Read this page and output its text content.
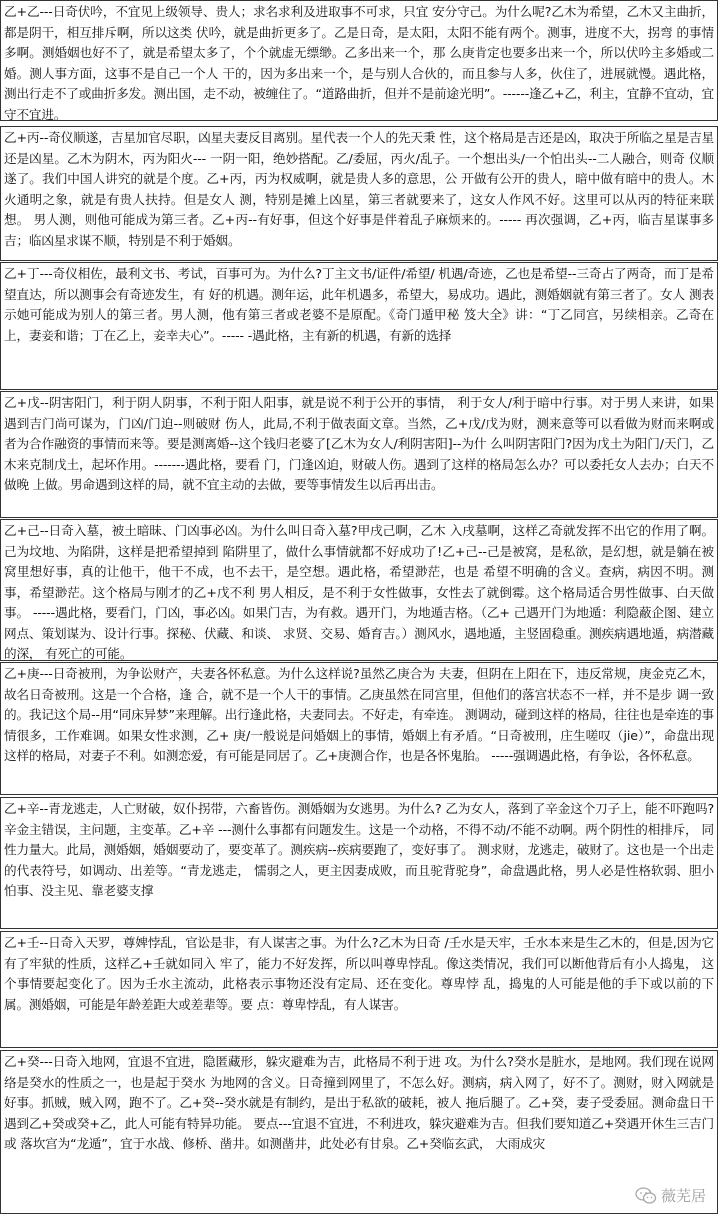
乙+乙---日奇伏吟，不宜见上级领导、贵人；求名求利及进取事不可求，只宜 安分守己。为什么呢?乙木为希望，乙木又主曲折，都是阴干，相互排斥啊，所以这类 伏吟，就是曲折更多了。乙是日奇，是太阳，太阳不能有两个。测事，进度不大，拐弯 的事情多啊。测婚姻也好不了，就是希望太多了，个个就虚无缥缈。乙多出来一个，那 么庚肯定也要多出来一个，所以伏吟主多婚或二婚。测人事方面，这事不是自己一个人 干的，因为多出来一个，是与别人合伙的，而且参与人多，伙住了，进展就慢。遇此格， 测出行走不了或曲折多发。测出国，走不动，被缠住了。“道路曲折，但并不是前途光明”。------逢乙+乙，利主，宜静不宜动，宜守不宜进。

乙+丙--奇仪顺遂，吉星加官尽职，凶星夫妻反目离别。星代表一个人的先天秉 性，这个格局是吉还是凶，取决于所临之星是吉星还是凶星。乙木为阴木，丙为阳火--- 一阴一阳，绝妙搭配。乙/委屈，丙火/乱子。一个想出头/一个怕出头--二人融合，则奇 仪顺遂了。我们中国人讲究的就是个度。乙+丙，丙为权威啊，就是贵人多的意思，公 开做有公开的贵人，暗中做有暗中的贵人。木火通明之象，就是有贵人扶持。但是女人 测，特别是摊上凶星，第三者就要来了，这女人作风不好。这里可以从丙的特征来联想。 男人测，则他可能成为第三者。乙+丙--有好事，但这个好事是伴着乱子麻烦来的。----- 再次强调，乙+丙，临吉星谋事多吉；临凶星求谋不顺，特别是不利于婚姻。

乙+丁---奇仪相佐，最利文书、考试，百事可为。为什么?丁主文书/证件/希望/ 机遇/奇迹，乙也是希望--三奇占了两奇，而丁是希望直达，所以测事会有奇迹发生，有 好的机遇。测年运，此年机遇多，希望大，易成功。遇此，测婚姻就有第三者了。女人 测表示她可能成为别人的第三者。男人测，他有第三者或老婆不是原配。《奇门遁甲秘 笈大全》讲：“丁乙同宫，另续相亲。乙奇在上，妻妾和谐；丁在乙上，妾幸夫心”。----- -遇此格，主有新的机遇，有新的选择

乙+戊--阴害阳门，利于阴人阴事，不利于阳人阳事，就是说不利于公开的事情， 利于女人/利于暗中行事。对于男人来讲，如果遇到吉门尚可谋为，门凶/门迫--则破财 伤人，此局,不利于做表面文章。当然，乙+戊/戊为财，测来意等可以看做为财而来啊或 者为合作融资的事情而来等。要是测离婚--这个钱归老婆了[乙木为女人/利阴害阳]--为什 么叫阴害阳门?因为戊土为阳门/天门，乙木来克制戊土，起坏作用。-------遇此格，要看 门，门逢凶迫，财破人伤。遇到了这样的格局怎么办？可以委托女人去办；白天不做晚 上做。男命遇到这样的局，就不宜主动的去做，要等事情发生以后再出击。

乙+己--日奇入墓，被土暗昧、门凶事必凶。为什么叫日奇入墓?甲戌己啊，乙木 入戌墓啊，这样乙奇就发挥不出它的作用了啊。己为坟地、为陷阱，这样是把希望掉到 陷阱里了，做什么事情就都不好成功了!乙+己--己是被窝，是私欲，是幻想，就是躺在被窝里想好事，真的让他干，他干不成，也不去干，是空想。遇此格，希望渺茫，也是 希望不明确的含义。查病，病因不明。测事，希望渺茫。这个格局与刚才的乙+戊不利 男人相反，是不利于女性做事，女性去了就倒霉。这个格局适合男性做事、白天做事。 -----遇此格，要看门，门凶，事必凶。如果门吉，为有救。遇开门，为地遁吉格。（乙+ 己遇开门为地遁：利隐蔽企图、建立网点、策划谋为、设计行事。探秘、伏藏、和谈、 求贤、交易、婚育吉。）测风水，遇地遁，主竖固稳重。测疾病遇地遁，病潜藏的深， 有死亡的可能。

乙+庚---日奇被刑，为争讼财产，夫妻各怀私意。为什么这样说?虽然乙庚合为 夫妻，但阴在上阳在下，违反常规，庚金克乙木，故名日奇被刑。这是一个合格，逢 合，就不是一个人干的事情。乙庚虽然在同宫里，但他们的落宫状态不一样，并不是步 调一致的。我记这个局--用“同床异梦”来理解。出行逢此格，夫妻同去。不好走，有牵连。 测调动，碰到这样的格局，往往也是牵连的事情很多，工作难调。如果女性求测，乙+ 庚/一般说是问婚姻上的事情，婚姻上有矛盾。“日奇被刑，庄生嗟叹（jie）”，命盘出现 这样的格局，对妻子不利。如测恋爱，有可能是同居了。乙+庚测合作，也是各怀鬼胎。 -----强调遇此格，有争讼，各怀私意。

乙+辛--青龙逃走，人亡财破，奴仆拐带，六畜皆伤。测婚姻为女逃男。为什么? 乙为女人，落到了辛金这个刀子上，能不吓跑吗?辛金主错误，主问题，主变革。乙+辛 ---测什么事都有问题发生。这是一个动格，不得不动/不能不动啊。两个阴性的相排斥， 同性力量大。此局，测婚姻，婚姻要动了，要变革了。测疾病--疾病要跑了，变好事了。 测求财，龙逃走，破财了。这也是一个出走的代表符号，如调动、出差等。“青龙逃走， 懦弱之人，更主因妻成败，而且驼背驼身”，命盘遇此格，男人必是性格软弱、胆小怕事、没主见、靠老婆支撑

乙+壬--日奇入天罗，尊婢悖乱，官讼是非，有人谋害之事。为什么?乙木为日奇 /壬水是天牢，壬水本来是生乙木的，但是,因为它有了牢狱的性质，这样乙+壬就如同入 牢了，能力不好发挥，所以叫尊卑悖乱。像这类情况，我们可以断他背后有小人捣鬼， 这个事情要起变化了。因为壬水主流动，此格表示事物还没有定局、还在变化。尊卑悖 乱，捣鬼的人可能是他的手下或以前的下属。测婚姻，可能是年龄差距大或差辈等。要 点：尊卑悖乱，有人谋害。

乙+癸---日奇入地网，宜退不宜进，隐匿藏形，躲灾避难为吉，此格局不利于进 攻。为什么?癸水是脏水，是地网。我们现在说网络是癸水的性质之一，也是起于癸水 为地网的含义。日奇撞到网里了，不怎么好。测病，病入网了，好不了。测财，财入网就是好事。抓贼，贼入网，跑不了。乙+癸--癸水就是有制约，是出于私欲的破耗，被人 拖后腿了。乙+癸，妻子受委屈。测命盘日干遇到乙+癸或癸+乙，此人可能有特异功能。 要点---宜退不宜进，不利进攻，躲灾避难为吉。但我们要知道乙+癸遇开休生三吉门或 落坎宫为“龙遁”，宜于水战、修桥、凿井。如测凿井，此处必有甘泉。乙+癸临玄武， 大雨成灾

薇芜居
